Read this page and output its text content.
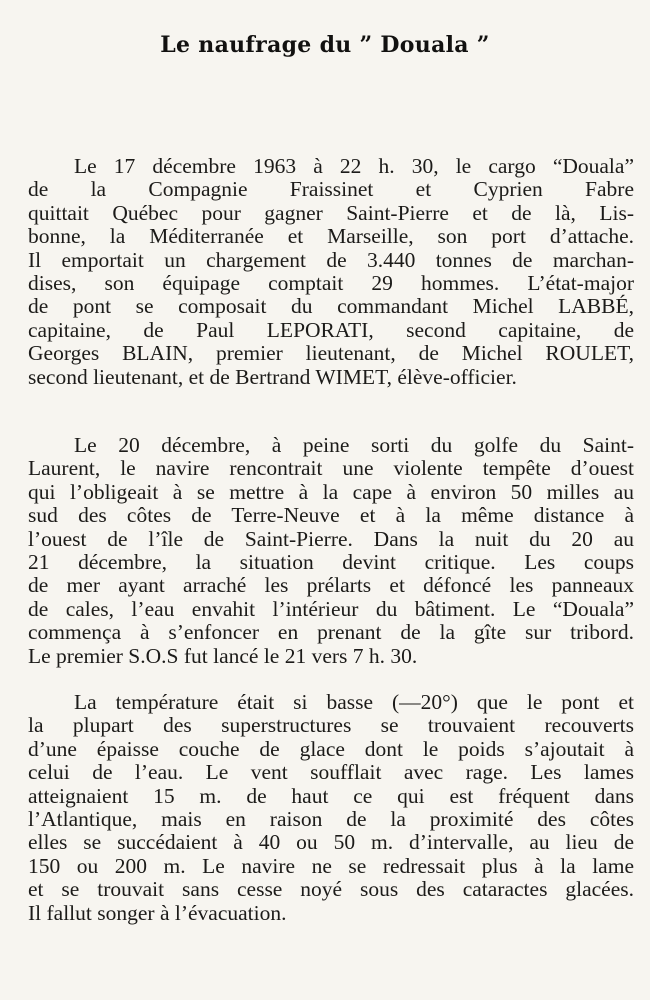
Le naufrage du ” Douala ”
Le 17 décembre 1963 à 22 h. 30, le cargo “Douala”
de la Compagnie Fraissinet et Cyprien Fabre
quittait Québec pour gagner Saint-Pierre et de là, Lis-
bonne, la Méditerranée et Marseille, son port d’attache.
Il emportait un chargement de 3.440 tonnes de marchan-
dises, son équipage comptait 29 hommes. L’état-major
de pont se composait du commandant Michel LABBÉ,
capitaine, de Paul LEPORATI, second capitaine, de
Georges BLAIN, premier lieutenant, de Michel ROULET,
second lieutenant, et de Bertrand WIMET, élève-officier.
Le 20 décembre, à peine sorti du golfe du Saint-
Laurent, le navire rencontrait une violente tempête d’ouest
qui l’obligeait à se mettre à la cape à environ 50 milles au
sud des côtes de Terre-Neuve et à la même distance à
l’ouest de l’île de Saint-Pierre. Dans la nuit du 20 au
21 décembre, la situation devint critique. Les coups
de mer ayant arraché les prélarts et défoncé les panneaux
de cales, l’eau envahit l’intérieur du bâtiment. Le “Douala”
commença à s’enfoncer en prenant de la gîte sur tribord.
Le premier S.O.S fut lancé le 21 vers 7 h. 30.
La température était si basse (—20°) que le pont et
la plupart des superstructures se trouvaient recouverts
d’une épaisse couche de glace dont le poids s’ajoutait à
celui de l’eau. Le vent soufflait avec rage. Les lames
atteignaient 15 m. de haut ce qui est fréquent dans
l’Atlantique, mais en raison de la proximité des côtes
elles se succédaient à 40 ou 50 m. d’intervalle, au lieu de
150 ou 200 m. Le navire ne se redressait plus à la lame
et se trouvait sans cesse noyé sous des cataractes glacées.
Il fallut songer à l’évacuation.
